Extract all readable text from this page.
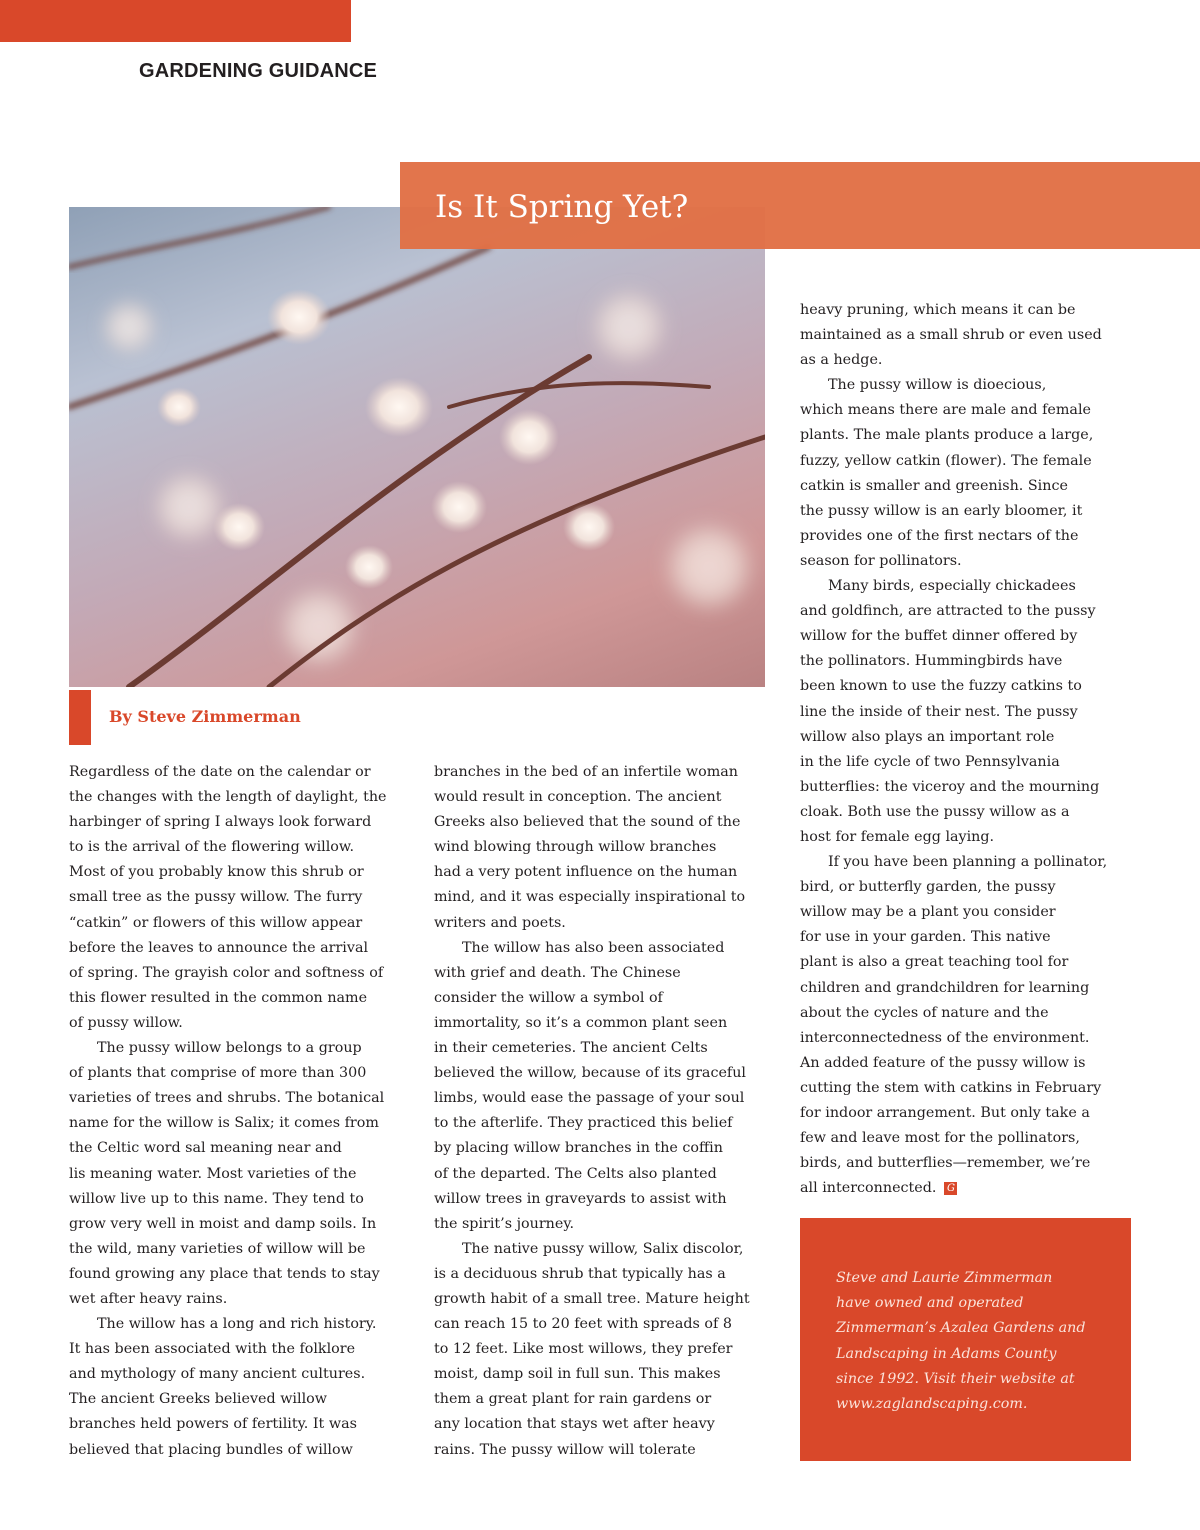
GARDENING GUIDANCE
Is It Spring Yet?
By Steve Zimmerman
Regardless of the date on the calendar or
the changes with the length of daylight, the
harbinger of spring I always look forward
to is the arrival of the flowering willow.
Most of you probably know this shrub or
small tree as the pussy willow. The furry
“catkin” or flowers of this willow appear
before the leaves to announce the arrival
of spring. The grayish color and softness of
this flower resulted in the common name
of pussy willow.
The pussy willow belongs to a group
of plants that comprise of more than 300
varieties of trees and shrubs. The botanical
name for the willow is Salix; it comes from
the Celtic word sal meaning near and
lis meaning water. Most varieties of the
willow live up to this name. They tend to
grow very well in moist and damp soils. In
the wild, many varieties of willow will be
found growing any place that tends to stay
wet after heavy rains.
The willow has a long and rich history.
It has been associated with the folklore
and mythology of many ancient cultures.
The ancient Greeks believed willow
branches held powers of fertility. It was
believed that placing bundles of willow
branches in the bed of an infertile woman
would result in conception. The ancient
Greeks also believed that the sound of the
wind blowing through willow branches
had a very potent influence on the human
mind, and it was especially inspirational to
writers and poets.
The willow has also been associated
with grief and death. The Chinese
consider the willow a symbol of
immortality, so it’s a common plant seen
in their cemeteries. The ancient Celts
believed the willow, because of its graceful
limbs, would ease the passage of your soul
to the afterlife. They practiced this belief
by placing willow branches in the coffin
of the departed. The Celts also planted
willow trees in graveyards to assist with
the spirit’s journey.
The native pussy willow, Salix discolor,
is a deciduous shrub that typically has a
growth habit of a small tree. Mature height
can reach 15 to 20 feet with spreads of 8
to 12 feet. Like most willows, they prefer
moist, damp soil in full sun. This makes
them a great plant for rain gardens or
any location that stays wet after heavy
rains. The pussy willow will tolerate
heavy pruning, which means it can be
maintained as a small shrub or even used
as a hedge.
The pussy willow is dioecious,
which means there are male and female
plants. The male plants produce a large,
fuzzy, yellow catkin (flower). The female
catkin is smaller and greenish. Since
the pussy willow is an early bloomer, it
provides one of the first nectars of the
season for pollinators.
Many birds, especially chickadees
and goldfinch, are attracted to the pussy
willow for the buffet dinner offered by
the pollinators. Hummingbirds have
been known to use the fuzzy catkins to
line the inside of their nest. The pussy
willow also plays an important role
in the life cycle of two Pennsylvania
butterflies: the viceroy and the mourning
cloak. Both use the pussy willow as a
host for female egg laying.
If you have been planning a pollinator,
bird, or butterfly garden, the pussy
willow may be a plant you consider
for use in your garden. This native
plant is also a great teaching tool for
children and grandchildren for learning
about the cycles of nature and the
interconnectedness of the environment.
An added feature of the pussy willow is
cutting the stem with catkins in February
for indoor arrangement. But only take a
few and leave most for the pollinators,
birds, and butterflies—remember, we’re
all interconnected. G
Steve and Laurie Zimmerman
have owned and operated
Zimmerman’s Azalea Gardens and
Landscaping in Adams County
since 1992. Visit their website at
www.zaglandscaping.com.
